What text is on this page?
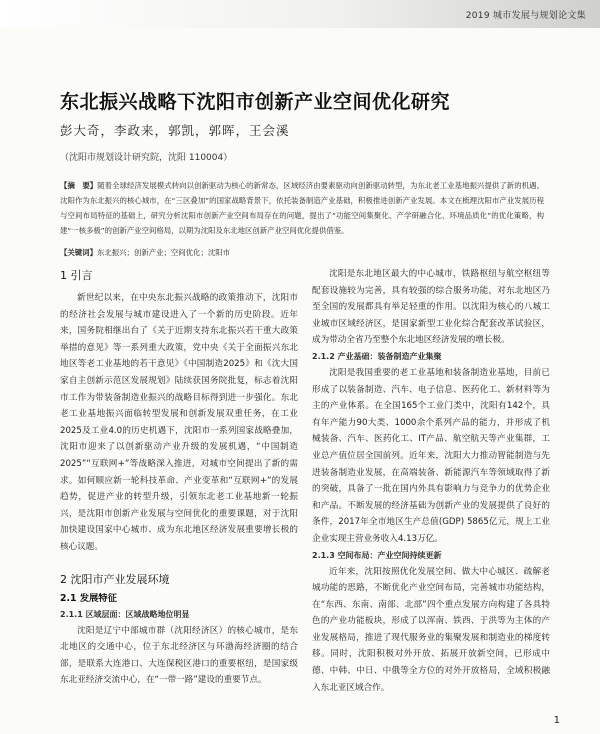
2019 城市发展与规划论文集
东北振兴战略下沈阳市创新产业空间优化研究
彭大奇，李政来，郭凯，郭晖，王会溪
（沈阳市规划设计研究院，沈阳 110004）
【摘　要】随着全球经济发展模式转向以创新驱动为核心的新常态，区域经济由要素驱动向创新驱动转型，为东北老工业基地振兴提供了新的机遇。沈阳作为东北振兴的核心城市，在“三区叠加”的国家战略背景下，依托装备制造产业基础，积极推进创新产业发展。本文在梳理沈阳市产业发展历程与空间布局特征的基础上，研究分析沈阳市创新产业空间布局存在的问题，提出了“功能空间集聚化、产学研融合化、环境品质化”的优化策略，构建“一核多极”的创新产业空间格局，以期为沈阳及东北地区创新产业空间优化提供借鉴。
【关键词】东北振兴；创新产业；空间优化；沈阳市
1 引言

新世纪以来，在中央东北振兴战略的政策推动下，沈阳市的经济社会发展与城市建设进入了一个新的历史阶段。近年来，国务院相继出台了《关于近期支持东北振兴若干重大政策举措的意见》等一系列重大政策，党中央《关于全面振兴东北地区等老工业基地的若干意见》《中国制造2025》和《沈大国家自主创新示范区发展规划》陆续获国务院批复，标志着沈阳市工作为带装备制造业振兴的战略目标得到进一步强化。东北老工业基地振兴面临转型发展和创新发展双重任务，在工业2025及工业4.0的历史机遇下，沈阳市一系列国家战略叠加，沈阳市迎来了以创新驱动产业升级的发展机遇，“中国制造2025”“互联网+”等战略深入推进，对城市空间提出了新的需求。如何顺应新一轮科技革命、产业变革和“互联网+”的发展趋势，促进产业的转型升级，引领东北老工业基地新一轮振兴，是沈阳市创新产业发展与空间优化的重要课题，对于沈阳加快建设国家中心城市、成为东北地区经济发展重要增长极的核心议题。

2 沈阳市产业发展环境
2.1 发展特征
2.1.1 区域层面：区域战略地位明显

沈阳是辽宁中部城市群（沈阳经济区）的核心城市，是东北地区的交通中心，位于东北经济区与环渤海经济圈的结合部，是联系大连港口、大连保税区港口的重要枢纽，是国家级东北亚经济交流中心，在“一带一路”建设的重要节点。

沈阳是东北地区最大的中心城市，铁路枢纽与航空枢纽等配套设施较为完善，具有较强的综合服务功能，对东北地区乃至全国的发展都具有举足轻重的作用。以沈阳为核心的八城工业城市区域经济区，是国家新型工业化综合配套改革试验区，成为带动全省乃至整个东北地区经济发展的增长极。

2.1.2 产业基础：装备制造产业集聚

沈阳是我国重要的老工业基地和装备制造业基地，目前已形成了以装备制造、汽车、电子信息、医药化工、新材料等为主的产业体系。在全国165个工业门类中，沈阳有142个，具有年产能力90大类、1000余个系列产品的能力，并形成了机械装备、汽车、医药化工、IT产品、航空航天等产业集群，工业总产值位居全国前列。近年来，沈阳大力推动智能制造与先进装备制造业发展，在高端装备、新能源汽车等领域取得了新的突破，具备了一批在国内外具有影响力与竞争力的优势企业和产品。不断发展的经济基础为创新产业的发展提供了良好的条件，2017年全市地区生产总值(GDP) 5865亿元，规上工业企业实现主营业务收入4.13万亿。

2.1.3 空间布局：产业空间持续更新

近年来，沈阳按照优化发展空间、做大中心城区、疏解老城功能的思路，不断优化产业空间布局，完善城市功能结构，在“东西、东南、南部、北部”四个重点发展方向构建了各具特色的产业功能板块，形成了以浑南、铁西、于洪等为主体的产业发展格局，推进了现代服务业的集聚发展和制造业的梯度转移。同时，沈阳积极对外开放、拓展开放新空间，已形成中德、中韩、中日、中俄等全方位的对外开放格局，全域积极融入东北亚区域合作。

1
